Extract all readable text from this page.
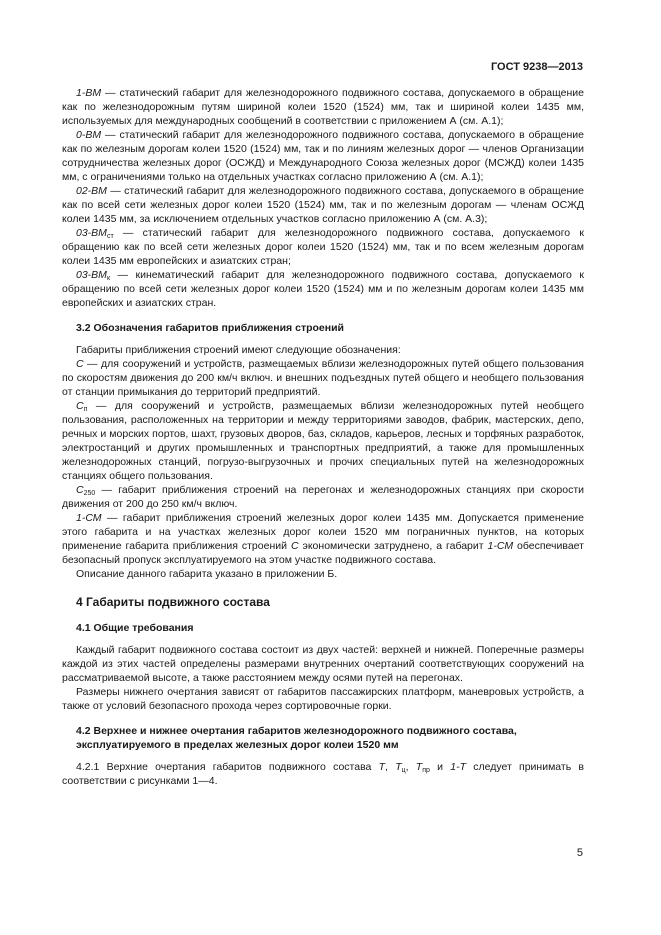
ГОСТ 9238—2013

1-ВМ — статический габарит для железнодорожного подвижного состава, допускаемого в обращение как по железнодорожным путям шириной колеи 1520 (1524) мм, так и шириной колеи 1435 мм, используемых для международных сообщений в соответствии с приложением А (см. А.1);

0-ВМ — статический габарит для железнодорожного подвижного состава, допускаемого в обращение как по железным дорогам колеи 1520 (1524) мм, так и по линиям железных дорог — членов Организации сотрудничества железных дорог (ОСЖД) и Международного Союза железных дорог (МСЖД) колеи 1435 мм, с ограничениями только на отдельных участках согласно приложению А (см. А.1);

02-ВМ — статический габарит для железнодорожного подвижного состава, допускаемого в обращение как по всей сети железных дорог колеи 1520 (1524) мм, так и по железным дорогам — членам ОСЖД колеи 1435 мм, за исключением отдельных участков согласно приложению А (см. А.3);

$03-ВМ_{ст}$ — статический габарит для железнодорожного подвижного состава, допускаемого к обращению как по всей сети железных дорог колеи 1520 (1524) мм, так и по всем железным дорогам колеи 1435 мм европейских и азиатских стран;

$03-ВМ_к$ — кинематический габарит для железнодорожного подвижного состава, допускаемого к обращению по всей сети железных дорог колеи 1520 (1524) мм и по железным дорогам колеи 1435 мм европейских и азиатских стран.

3.2 Обозначения габаритов приближения строений

Габариты приближения строений имеют следующие обозначения:

С — для сооружений и устройств, размещаемых вблизи железнодорожных путей общего пользования по скоростям движения до 200 км/ч включ. и внешних подъездных путей общего и необщего пользования от станции примыкания до территорий предприятий.

$С_п$ — для сооружений и устройств, размещаемых вблизи железнодорожных путей необщего пользования, расположенных на территории и между территориями заводов, фабрик, мастерских, депо, речных и морских портов, шахт, грузовых дворов, баз, складов, карьеров, лесных и торфяных разработок, электростанций и других промышленных и транспортных предприятий, а также для промышленных железнодорожных станций, погрузо-выгрузочных и прочих специальных путей на железнодорожных станциях общего пользования.

$С_{250}$ — габарит приближения строений на перегонах и железнодорожных станциях при скорости движения от 200 до 250 км/ч включ.

1-СМ — габарит приближения строений железных дорог колеи 1435 мм. Допускается применение этого габарита и на участках железных дорог колеи 1520 мм пограничных пунктов, на которых применение габарита приближения строений С экономически затруднено, а габарит 1-СМ обеспечивает безопасный пропуск эксплуатируемого на этом участке подвижного состава.

Описание данного габарита указано в приложении Б.

4 Габариты подвижного состава
4.1 Общие требования

Каждый габарит подвижного состава состоит из двух частей: верхней и нижней. Поперечные размеры каждой из этих частей определены размерами внутренних очертаний соответствующих сооружений на рассматриваемой высоте, а также расстоянием между осями путей на перегонах.

Размеры нижнего очертания зависят от габаритов пассажирских платформ, маневровых устройств, а также от условий безопасного прохода через сортировочные горки.

4.2 Верхнее и нижнее очертания габаритов железнодорожного подвижного состава, эксплуатируемого в пределах железных дорог колеи 1520 мм

4.2.1 Верхние очертания габаритов подвижного состава Т, $Т_ц$, $Т_{пр}$ и 1-Т следует принимать в соответствии с рисунками 1—4.

5
